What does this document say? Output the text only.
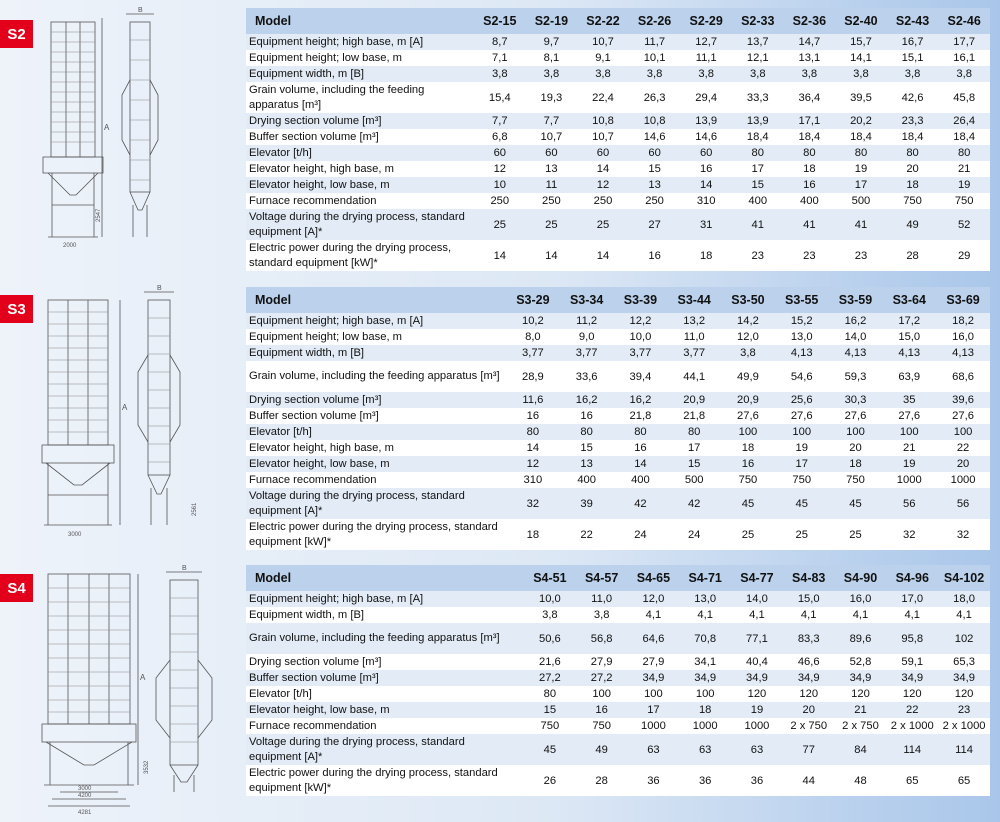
S2
A
B
2547
2000
Model	S2-15	S2-19	S2-22	S2-26	S2-29	S2-33	S2-36	S2-40	S2-43	S2-46
Equipment height; high base, m [A]	8,7	9,7	10,7	11,7	12,7	13,7	14,7	15,7	16,7	17,7
Equipment height; low base, m	7,1	8,1	9,1	10,1	11,1	12,1	13,1	14,1	15,1	16,1
Equipment width, m [B]	3,8	3,8	3,8	3,8	3,8	3,8	3,8	3,8	3,8	3,8
Grain volume, including the feeding apparatus [m³]	15,4	19,3	22,4	26,3	29,4	33,3	36,4	39,5	42,6	45,8
Drying section volume [m³]	7,7	7,7	10,8	10,8	13,9	13,9	17,1	20,2	23,3	26,4
Buffer section volume [m³]	6,8	10,7	10,7	14,6	14,6	18,4	18,4	18,4	18,4	18,4
Elevator [t/h]	60	60	60	60	60	80	80	80	80	80
Elevator height, high base, m	12	13	14	15	16	17	18	19	20	21
Elevator height, low base, m	10	11	12	13	14	15	16	17	18	19
Furnace recommendation	250	250	250	250	310	400	400	500	750	750
Voltage during the drying process, standard equipment [A]*	25	25	25	27	31	41	41	41	49	52
Electric power during the drying process, standard equipment [kW]*	14	14	14	16	18	23	23	23	28	29
S3
A
B
2561
3000
Model	S3-29	S3-34	S3-39	S3-44	S3-50	S3-55	S3-59	S3-64	S3-69
Equipment height; high base, m [A]	10,2	11,2	12,2	13,2	14,2	15,2	16,2	17,2	18,2
Equipment height; low base, m	8,0	9,0	10,0	11,0	12,0	13,0	14,0	15,0	16,0
Equipment width, m [B]	3,77	3,77	3,77	3,77	3,8	4,13	4,13	4,13	4,13
Grain volume, including the feeding apparatus [m³]	28,9	33,6	39,4	44,1	49,9	54,6	59,3	63,9	68,6
Drying section volume [m³]	11,6	16,2	16,2	20,9	20,9	25,6	30,3	35	39,6
Buffer section volume [m³]	16	16	21,8	21,8	27,6	27,6	27,6	27,6	27,6
Elevator [t/h]	80	80	80	80	100	100	100	100	100
Elevator height, high base, m	14	15	16	17	18	19	20	21	22
Elevator height, low base, m	12	13	14	15	16	17	18	19	20
Furnace recommendation	310	400	400	500	750	750	750	1000	1000
Voltage during the drying process, standard equipment [A]*	32	39	42	42	45	45	45	56	56
Electric power during the drying process, standard equipment [kW]*	18	22	24	24	25	25	25	32	32
S4
A
B
3532
3000
4200
4281
Model	S4-51	S4-57	S4-65	S4-71	S4-77	S4-83	S4-90	S4-96	S4-102
Equipment height; high base, m [A]	10,0	11,0	12,0	13,0	14,0	15,0	16,0	17,0	18,0
Equipment width, m [B]	3,8	3,8	4,1	4,1	4,1	4,1	4,1	4,1	4,1
Grain volume, including the feeding apparatus [m³]	50,6	56,8	64,6	70,8	77,1	83,3	89,6	95,8	102
Drying section volume [m³]	21,6	27,9	27,9	34,1	40,4	46,6	52,8	59,1	65,3
Buffer section volume [m³]	27,2	27,2	34,9	34,9	34,9	34,9	34,9	34,9	34,9
Elevator [t/h]	80	100	100	100	120	120	120	120	120
Elevator height, low base, m	15	16	17	18	19	20	21	22	23
Furnace recommendation	750	750	1000	1000	1000	2 x 750	2 x 750	2 x 1000	2 x 1000
Voltage during the drying process, standard equipment [A]*	45	49	63	63	63	77	84	114	114
Electric power during the drying process, standard equipment [kW]*	26	28	36	36	36	44	48	65	65
